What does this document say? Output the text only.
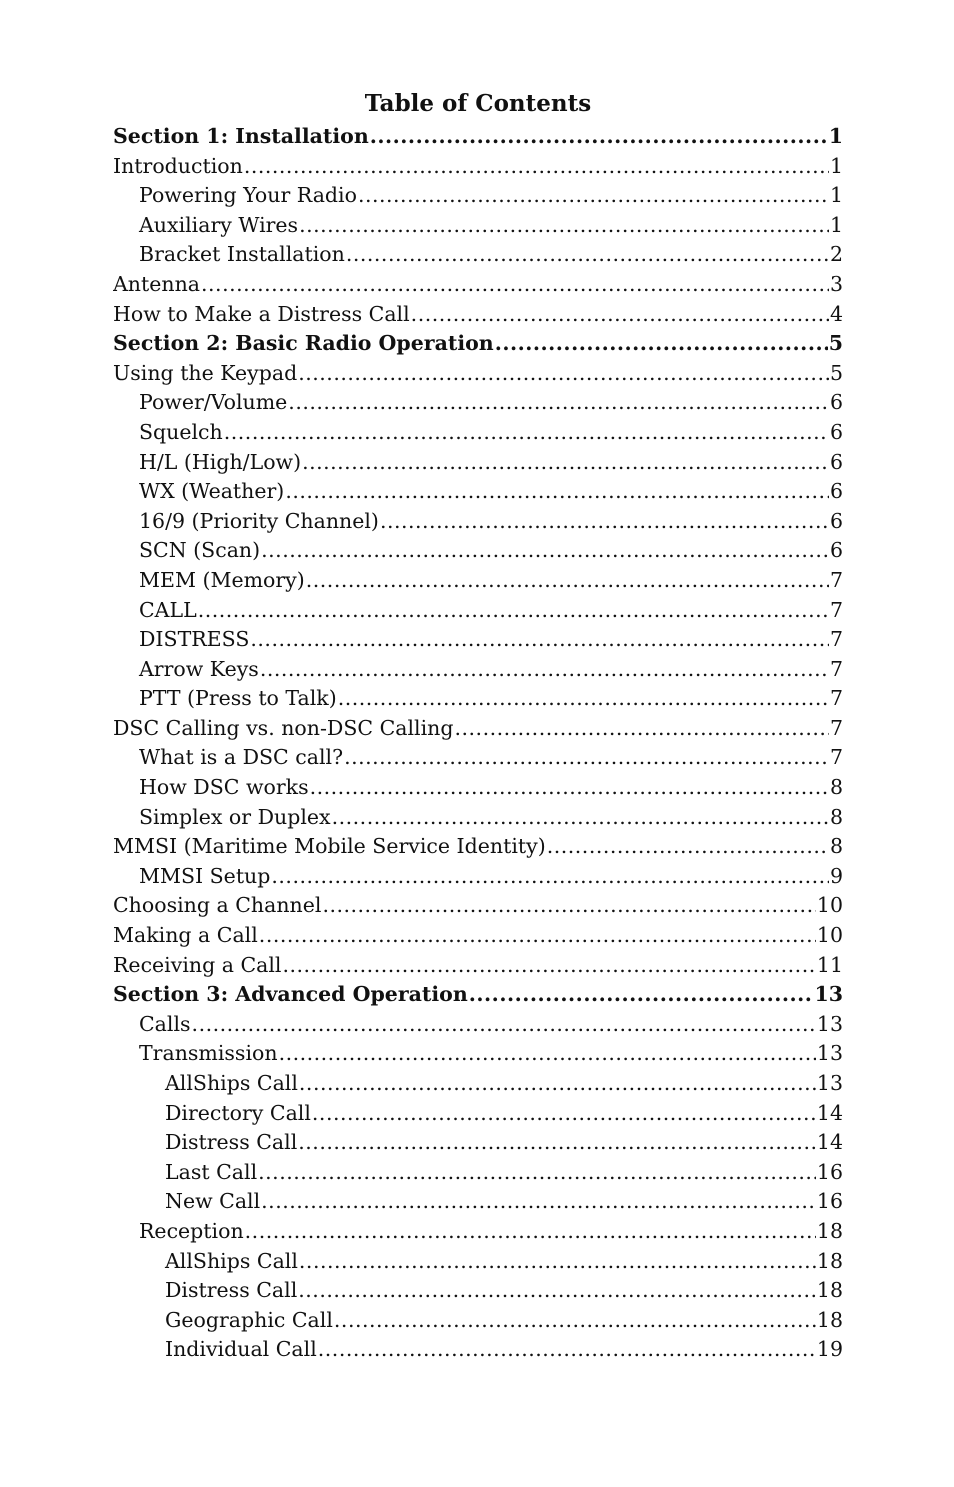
Table of Contents
Section 1: Installation .....	1
Introduction .....	1
Powering Your Radio .....	1
Auxiliary Wires .....	1
Bracket Installation .....	2
Antenna .....	3
How to Make a Distress Call .....	4
Section 2: Basic Radio Operation .....	5
Using the Keypad .....	5
Power/Volume .....	6
Squelch .....	6
H/L (High/Low) .....	6
WX (Weather) .....	6
16/9 (Priority Channel) .....	6
SCN (Scan) .....	6
MEM (Memory) .....	7
CALL .....	7
DISTRESS .....	7
Arrow Keys .....	7
PTT (Press to Talk) .....	7
DSC Calling vs. non-DSC Calling .....	7
What is a DSC call? .....	7
How DSC works .....	8
Simplex or Duplex .....	8
MMSI (Maritime Mobile Service Identity) .....	8
MMSI Setup .....	9
Choosing a Channel .....	10
Making a Call .....	10
Receiving a Call .....	11
Section 3: Advanced Operation .....	13
Calls .....	13
Transmission .....	13
AllShips Call .....	13
Directory Call .....	14
Distress Call .....	14
Last Call .....	16
New Call .....	16
Reception .....	18
AllShips Call .....	18
Distress Call .....	18
Geographic Call .....	18
Individual Call .....	19
